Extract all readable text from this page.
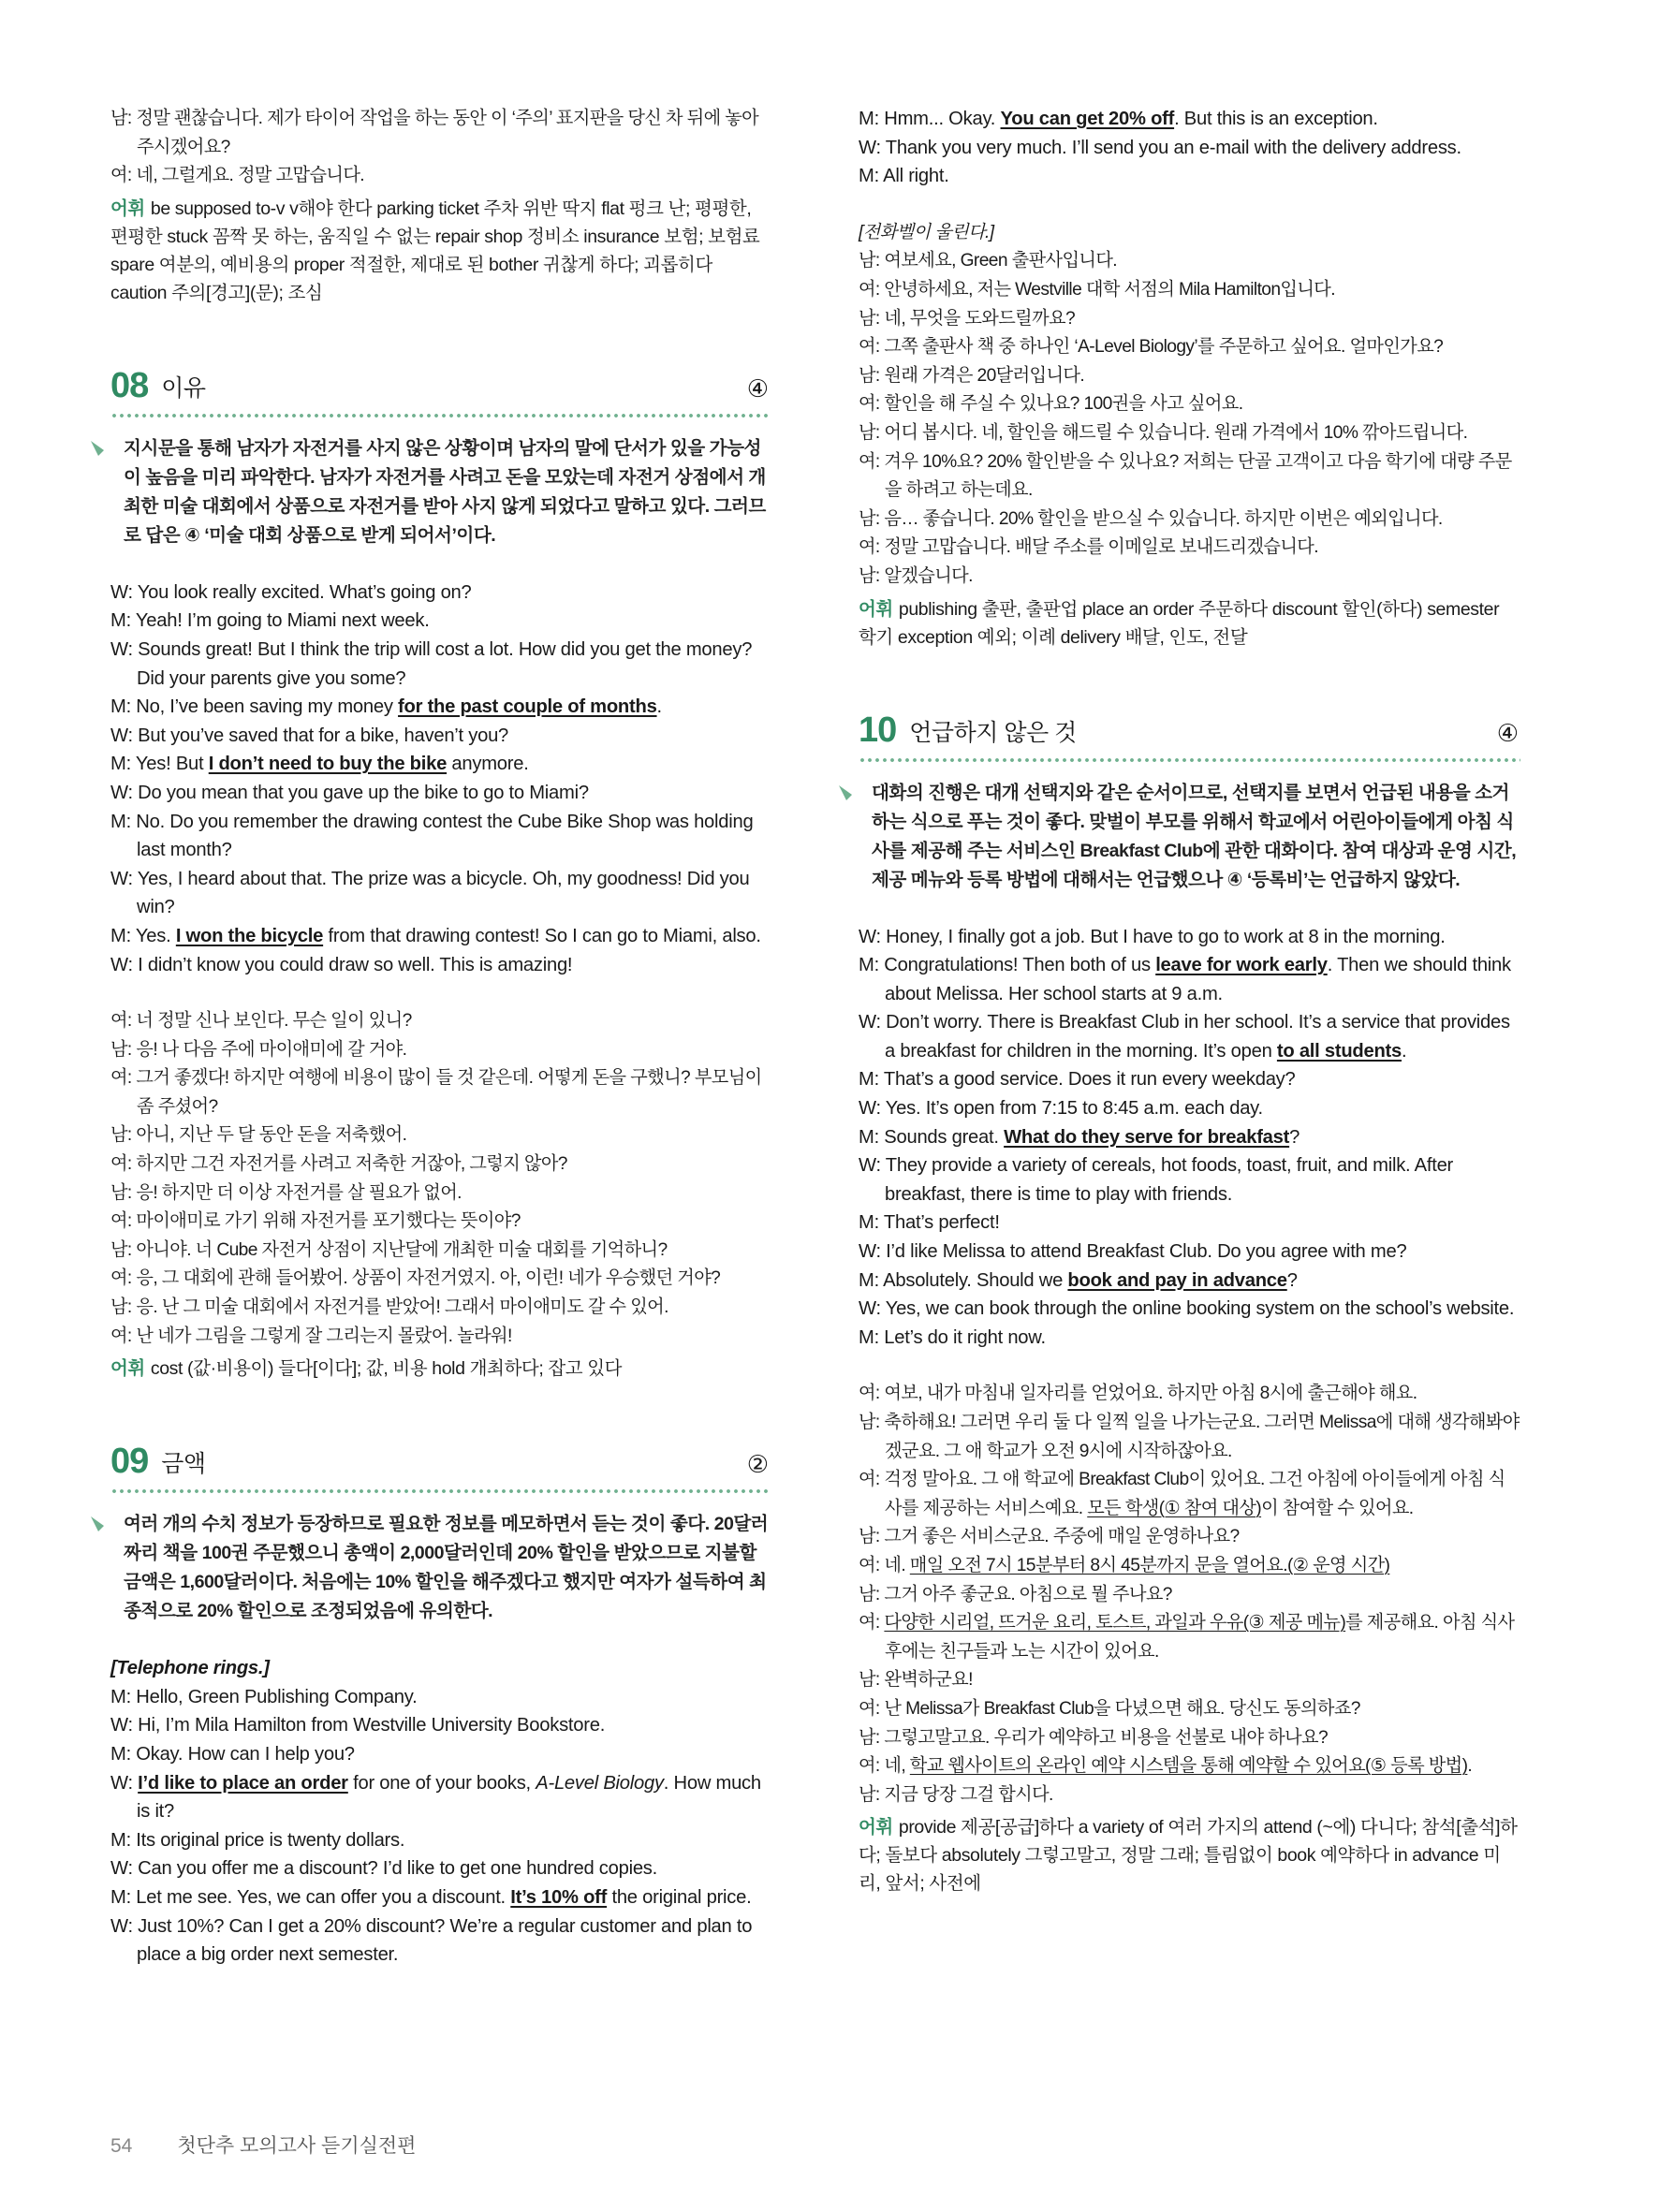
남: 정말 괜찮습니다. 제가 타이어 작업을 하는 동안 이 ‘주의’ 표지판을 당신 차 뒤에 놓아주시겠어요?
여: 네, 그럴게요. 정말 고맙습니다.
어휘 be supposed to-v v해야 한다 parking ticket 주차 위반 딱지 flat 펑크 난; 평평한, 편평한 stuck 꼼짝 못 하는, 움직일 수 없는 repair shop 정비소 insurance 보험; 보험료 spare 여분의, 예비용의 proper 적절한, 제대로 된 bother 귀찮게 하다; 괴롭히다 caution 주의[경고](문); 조심
08 이유	④

지시문을 통해 남자가 자전거를 사지 않은 상황이며 남자의 말에 단서가 있을 가능성이 높음을 미리 파악한다. 남자가 자전거를 사려고 돈을 모았는데 자전거 상점에서 개최한 미술 대회에서 상품으로 자전거를 받아 사지 않게 되었다고 말하고 있다. 그러므로 답은 ④ ‘미술 대회 상품으로 받게 되어서’이다.

W: You look really excited. What’s going on?
M: Yeah! I’m going to Miami next week.
W: Sounds great! But I think the trip will cost a lot. How did you get the money? Did your parents give you some?
M: No, I’ve been saving my money for the past couple of months.
W: But you’ve saved that for a bike, haven’t you?
M: Yes! But I don’t need to buy the bike anymore.
W: Do you mean that you gave up the bike to go to Miami?
M: No. Do you remember the drawing contest the Cube Bike Shop was holding last month?
W: Yes, I heard about that. The prize was a bicycle. Oh, my goodness! Did you win?
M: Yes. I won the bicycle from that drawing contest! So I can go to Miami, also.
W: I didn’t know you could draw so well. This is amazing!
여: 너 정말 신나 보인다. 무슨 일이 있니?
남: 응! 나 다음 주에 마이애미에 갈 거야.
여: 그거 좋겠다! 하지만 여행에 비용이 많이 들 것 같은데. 어떻게 돈을 구했니? 부모님이 좀 주셨어?
남: 아니, 지난 두 달 동안 돈을 저축했어.
여: 하지만 그건 자전거를 사려고 저축한 거잖아, 그렇지 않아?
남: 응! 하지만 더 이상 자전거를 살 필요가 없어.
여: 마이애미로 가기 위해 자전거를 포기했다는 뜻이야?
남: 아니야. 너 Cube 자전거 상점이 지난달에 개최한 미술 대회를 기억하니?
여: 응, 그 대회에 관해 들어봤어. 상품이 자전거였지. 아, 이런! 네가 우승했던 거야?
남: 응. 난 그 미술 대회에서 자전거를 받았어! 그래서 마이애미도 갈 수 있어.
여: 난 네가 그림을 그렇게 잘 그리는지 몰랐어. 놀라워!
어휘 cost (값·비용이) 들다[이다]; 값, 비용 hold 개최하다; 잡고 있다
09 금액	②

여러 개의 수치 정보가 등장하므로 필요한 정보를 메모하면서 듣는 것이 좋다. 20달러짜리 책을 100권 주문했으니 총액이 2,000달러인데 20% 할인을 받았으므로 지불할 금액은 1,600달러이다. 처음에는 10% 할인을 해주겠다고 했지만 여자가 설득하여 최종적으로 20% 할인으로 조정되었음에 유의한다.

[Telephone rings.]
M: Hello, Green Publishing Company.
W: Hi, I’m Mila Hamilton from Westville University Bookstore.
M: Okay. How can I help you?
W: I’d like to place an order for one of your books, A-Level Biology. How much is it?
M: Its original price is twenty dollars.
W: Can you offer me a discount? I’d like to get one hundred copies.
M: Let me see. Yes, we can offer you a discount. It’s 10% off the original price.
W: Just 10%? Can I get a 20% discount? We’re a regular customer and plan to place a big order next semester.
M: Hmm... Okay. You can get 20% off. But this is an exception.
W: Thank you very much. I’ll send you an e-mail with the delivery address.
M: All right.
[전화벨이 울린다.]
남: 여보세요, Green 출판사입니다.
여: 안녕하세요, 저는 Westville 대학 서점의 Mila Hamilton입니다.
남: 네, 무엇을 도와드릴까요?
여: 그쪽 출판사 책 중 하나인 ‘A-Level Biology’를 주문하고 싶어요. 얼마인가요?
남: 원래 가격은 20달러입니다.
여: 할인을 해 주실 수 있나요? 100권을 사고 싶어요.
남: 어디 봅시다. 네, 할인을 해드릴 수 있습니다. 원래 가격에서 10% 깎아드립니다.
여: 겨우 10%요? 20% 할인받을 수 있나요? 저희는 단골 고객이고 다음 학기에 대량 주문을 하려고 하는데요.
남: 음… 좋습니다. 20% 할인을 받으실 수 있습니다. 하지만 이번은 예외입니다.
여: 정말 고맙습니다. 배달 주소를 이메일로 보내드리겠습니다.
남: 알겠습니다.
어휘 publishing 출판, 출판업 place an order 주문하다 discount 할인(하다) semester 학기 exception 예외; 이례 delivery 배달, 인도, 전달
10 언급하지 않은 것	④

대화의 진행은 대개 선택지와 같은 순서이므로, 선택지를 보면서 언급된 내용을 소거하는 식으로 푸는 것이 좋다. 맞벌이 부모를 위해서 학교에서 어린아이들에게 아침 식사를 제공해 주는 서비스인 Breakfast Club에 관한 대화이다. 참여 대상과 운영 시간, 제공 메뉴와 등록 방법에 대해서는 언급했으나 ④ ‘등록비’는 언급하지 않았다.

W: Honey, I finally got a job. But I have to go to work at 8 in the morning.
M: Congratulations! Then both of us leave for work early. Then we should think about Melissa. Her school starts at 9 a.m.
W: Don’t worry. There is Breakfast Club in her school. It’s a service that provides a breakfast for children in the morning. It’s open to all students.
M: That’s a good service. Does it run every weekday?
W: Yes. It’s open from 7:15 to 8:45 a.m. each day.
M: Sounds great. What do they serve for breakfast?
W: They provide a variety of cereals, hot foods, toast, fruit, and milk. After breakfast, there is time to play with friends.
M: That’s perfect!
W: I’d like Melissa to attend Breakfast Club. Do you agree with me?
M: Absolutely. Should we book and pay in advance?
W: Yes, we can book through the online booking system on the school’s website.
M: Let’s do it right now.
여: 여보, 내가 마침내 일자리를 얻었어요. 하지만 아침 8시에 출근해야 해요.
남: 축하해요! 그러면 우리 둘 다 일찍 일을 나가는군요. 그러면 Melissa에 대해 생각해봐야겠군요. 그 애 학교가 오전 9시에 시작하잖아요.
여: 걱정 말아요. 그 애 학교에 Breakfast Club이 있어요. 그건 아침에 아이들에게 아침 식사를 제공하는 서비스예요. 모든 학생(① 참여 대상)이 참여할 수 있어요.
남: 그거 좋은 서비스군요. 주중에 매일 운영하나요?
여: 네. 매일 오전 7시 15분부터 8시 45분까지 문을 열어요.(② 운영 시간)
남: 그거 아주 좋군요. 아침으로 뭘 주나요?
여: 다양한 시리얼, 뜨거운 요리, 토스트, 과일과 우유(③ 제공 메뉴)를 제공해요. 아침 식사 후에는 친구들과 노는 시간이 있어요.
남: 완벽하군요!
여: 난 Melissa가 Breakfast Club을 다녔으면 해요. 당신도 동의하죠?
남: 그렇고말고요. 우리가 예약하고 비용을 선불로 내야 하나요?
여: 네, 학교 웹사이트의 온라인 예약 시스템을 통해 예약할 수 있어요(⑤ 등록 방법).
남: 지금 당장 그걸 합시다.
어휘 provide 제공[공급]하다 a variety of 여러 가지의 attend (~에) 다니다; 참석[출석]하다; 돌보다 absolutely 그렇고말고, 정말 그래; 틀림없이 book 예약하다 in advance 미리, 앞서; 사전에
54 첫단추 모의고사 듣기실전편
